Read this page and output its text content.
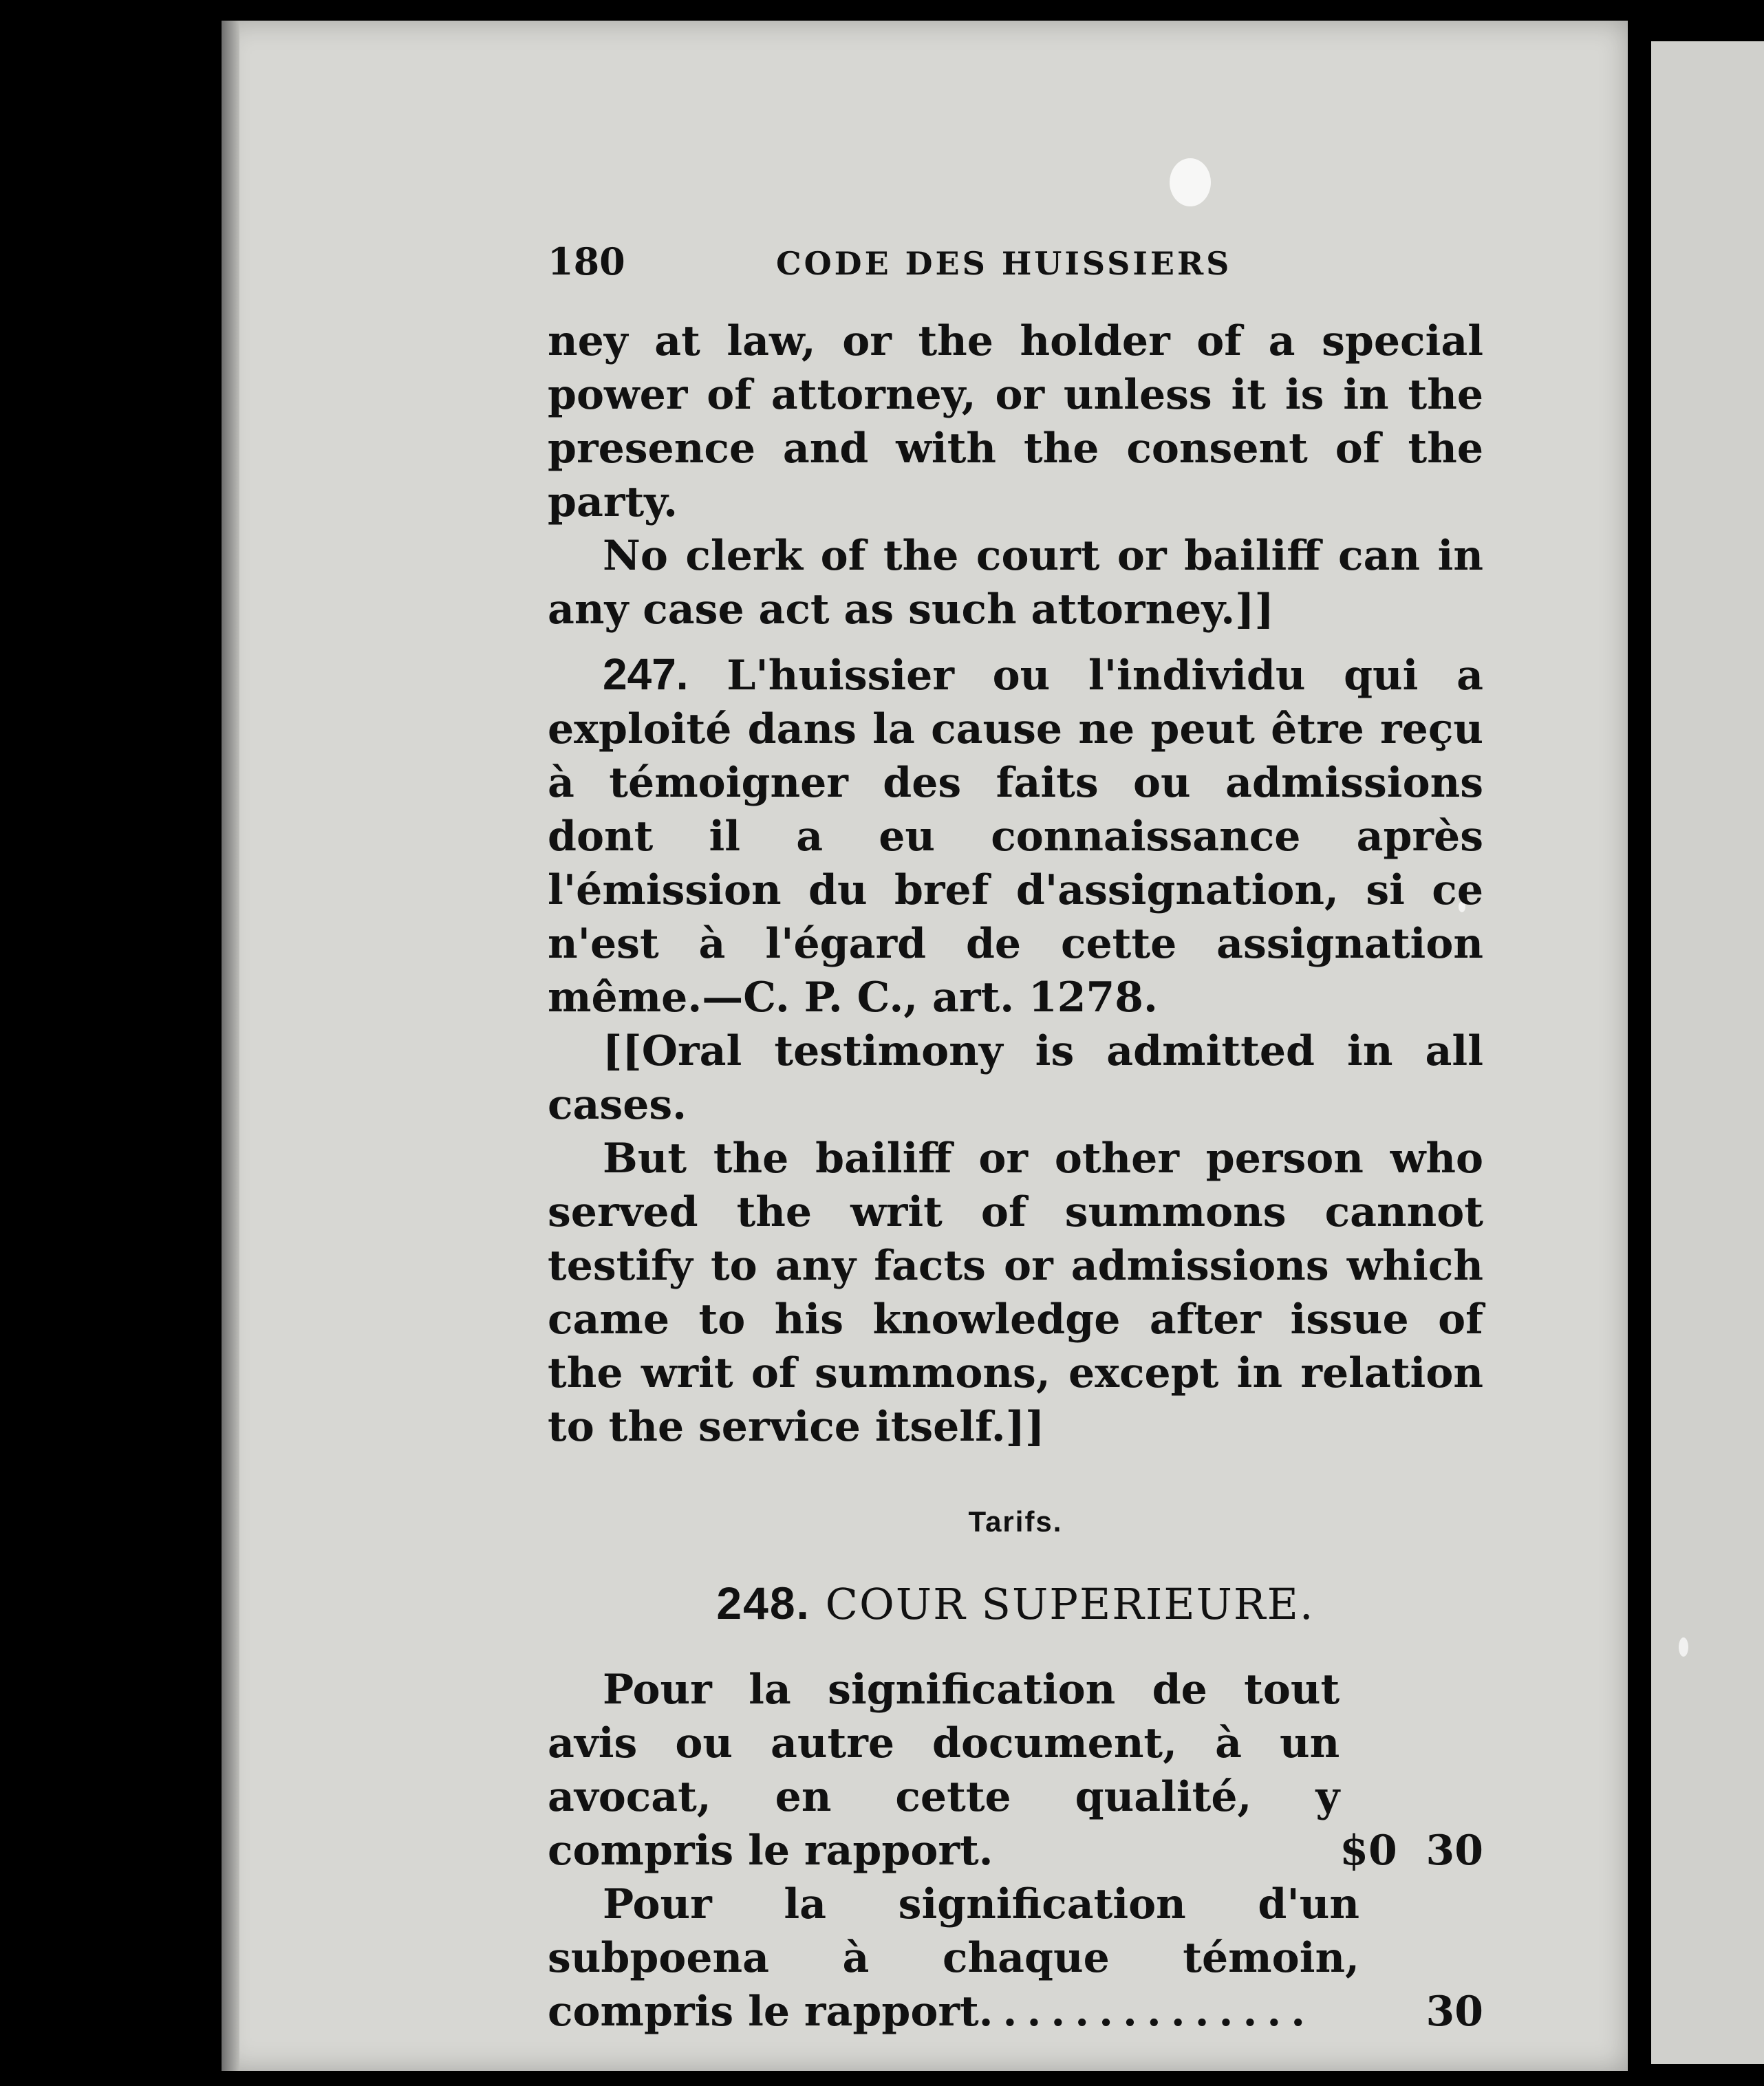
180	CODE DES HUISSIERS

ney at law, or the holder of a special power of attorney, or unless it is in the presence and with the consent of the party.

No clerk of the court or bailiff can in any case act as such attorney.]]

247. L'huissier ou l'individu qui a exploité dans la cause ne peut être reçu à témoigner des faits ou admissions dont il a eu connaissance après l'émission du bref d'assignation, si ce n'est à l'égard de cette assignation même.—C. P. C., art. 1278.

[[Oral testimony is admitted in all cases.

But the bailiff or other person who served the writ of summons cannot testify to any facts or admissions which came to his knowledge after issue of the writ of summons, except in relation to the service itself.]]

Tarifs.
248. COUR SUPERIEURE.

Pour la signification de tout avis ou autre document, à un avocat, en cette qualité, y compris le rapport.	$0  30

Pour la signification d'un subpoena à chaque témoin, compris le rapport..............	30
